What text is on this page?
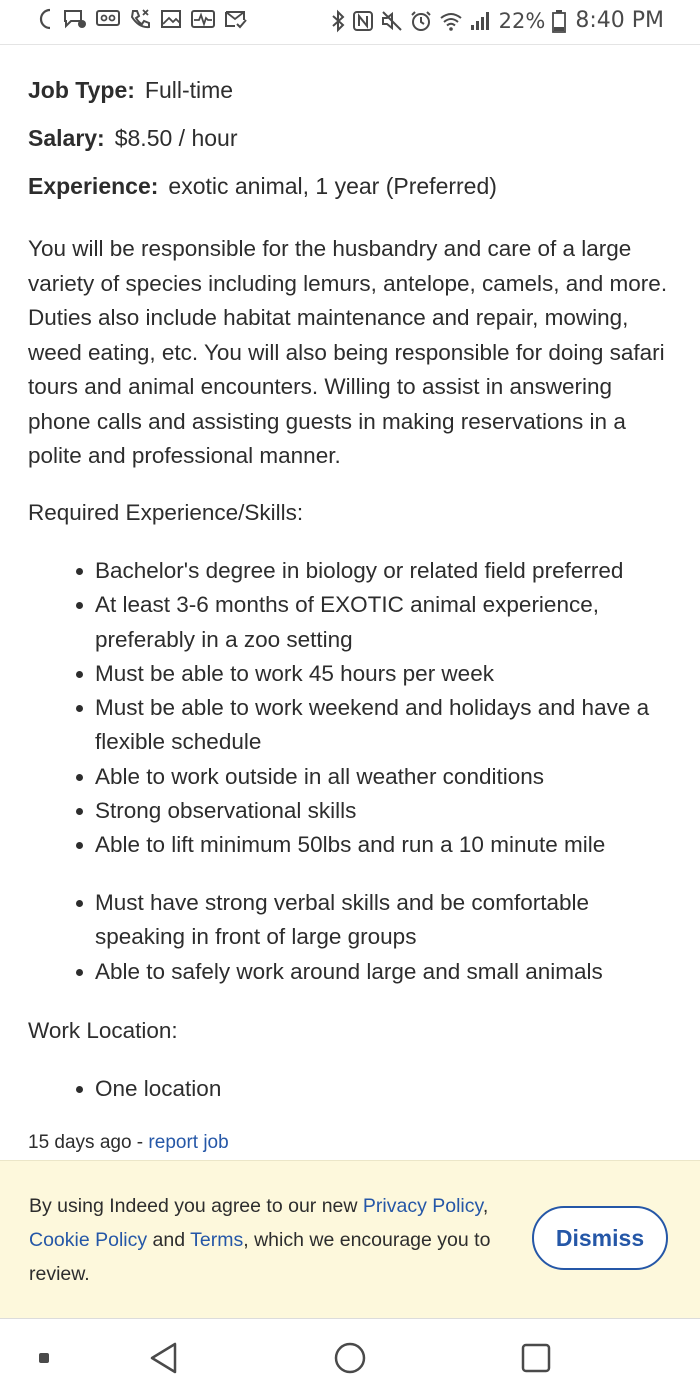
22% 8:40 PM
Job Type: Full-time
Salary: $8.50 / hour
Experience: exotic animal, 1 year (Preferred)

You will be responsible for the husbandry and care of a large variety of species including lemurs, antelope, camels, and more. Duties also include habitat maintenance and repair, mowing, weed eating, etc. You will also being responsible for doing safari tours and animal encounters. Willing to assist in answering phone calls and assisting guests in making reservations in a polite and professional manner.

Required Experience/Skills:

Bachelor's degree in biology or related field preferred
At least 3-6 months of EXOTIC animal experience, preferably in a zoo setting
Must be able to work 45 hours per week
Must be able to work weekend and holidays and have a flexible schedule
Able to work outside in all weather conditions
Strong observational skills
Able to lift minimum 50lbs and run a 10 minute mile
Must have strong verbal skills and be comfortable speaking in front of large groups
Able to safely work around large and small animals

Work Location:

One location
15 days ago - report job
By using Indeed you agree to our new Privacy Policy,
Cookie Policy and Terms, which we encourage you to review.
Dismiss
